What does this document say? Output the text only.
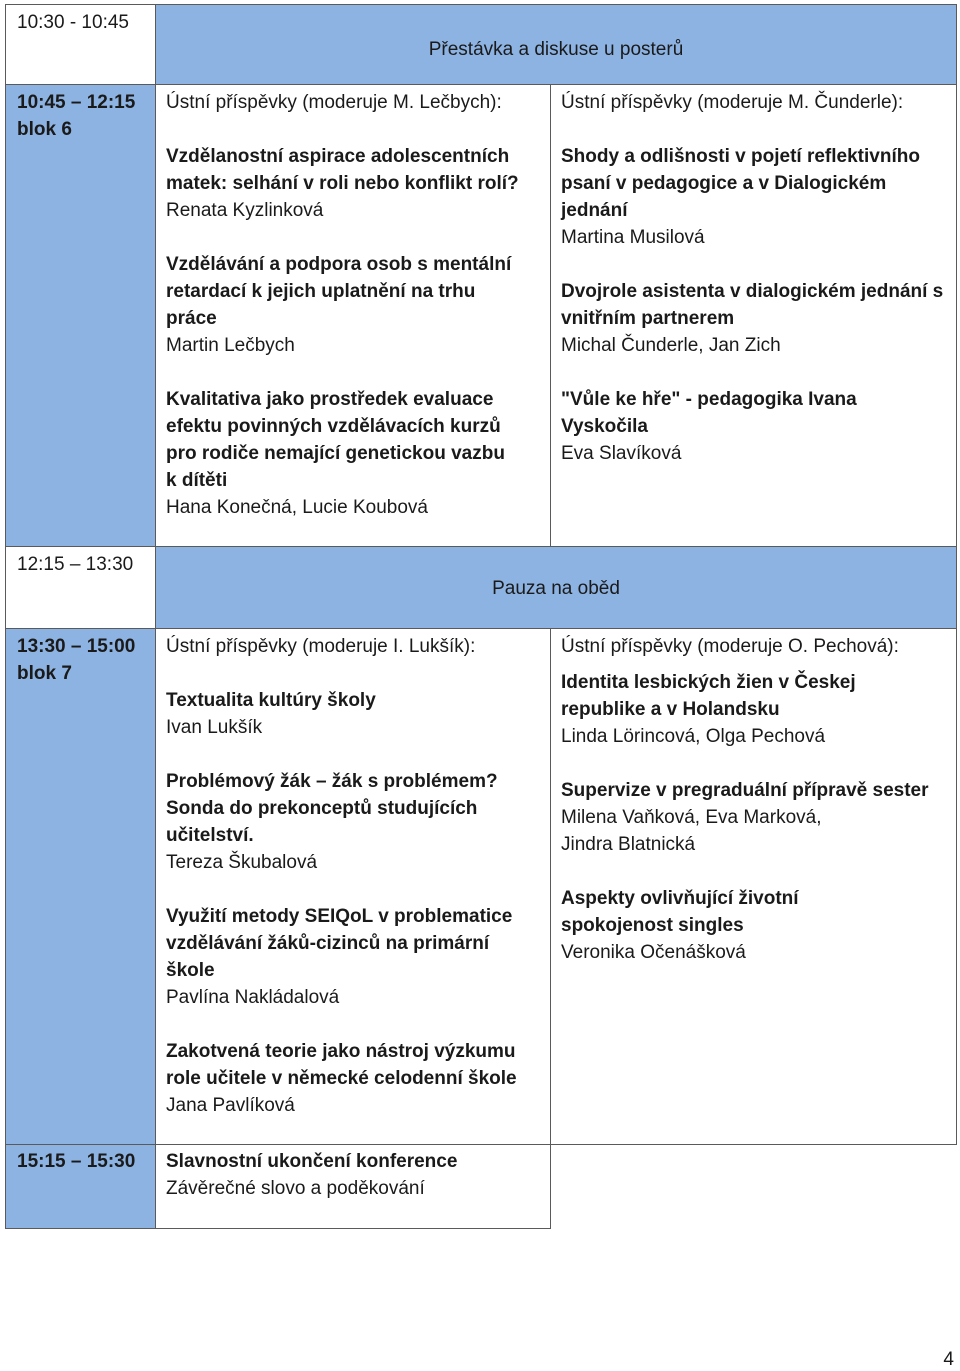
10:30 - 10:45
Přestávka a diskuse u posterů
10:45 – 12:15
blok 6
Ústní příspěvky (moderuje M. Lečbych):
Vzdělanostní aspirace adolescentních matek: selhání v roli nebo konflikt rolí?
Renata Kyzlinková
Vzdělávání a podpora osob s mentální retardací k jejich uplatnění na trhu práce
Martin Lečbych
Kvalitativa jako prostředek evaluace efektu povinných vzdělávacích kurzů pro rodiče nemající genetickou vazbu k dítěti
Hana Konečná, Lucie Koubová
Ústní příspěvky (moderuje M. Čunderle):
Shody a odlišnosti v pojetí reflektivního psaní v pedagogice a v Dialogickém jednání
Martina Musilová
Dvojrole asistenta v dialogickém jednání s vnitřním partnerem
Michal Čunderle, Jan Zich
"Vůle ke hře" - pedagogika Ivana Vyskočila
Eva Slavíková
12:15 – 13:30
Pauza na oběd
13:30 – 15:00
blok 7
Ústní příspěvky (moderuje I. Lukšík):
Textualita kultúry školy
Ivan Lukšík
Problémový žák – žák s problémem? Sonda do prekonceptů studujících učitelství.
Tereza Škubalová
Využití metody SEIQoL v problematice vzdělávání žáků-cizinců na primární škole
Pavlína Nakládalová
Zakotvená teorie jako nástroj výzkumu role učitele v německé celodenní škole
Jana Pavlíková
Ústní příspěvky (moderuje O. Pechová):
Identita lesbických žien v Českej republike a v Holandsku
Linda Lörincová, Olga Pechová
Supervize v pregraduální přípravě sester
Milena Vaňková, Eva Marková, Jindra Blatnická
Aspekty ovlivňující životní spokojenost singles
Veronika Očenášková
15:15 – 15:30	Slavnostní ukončení konference
Závěrečné slovo a poděkování
4
